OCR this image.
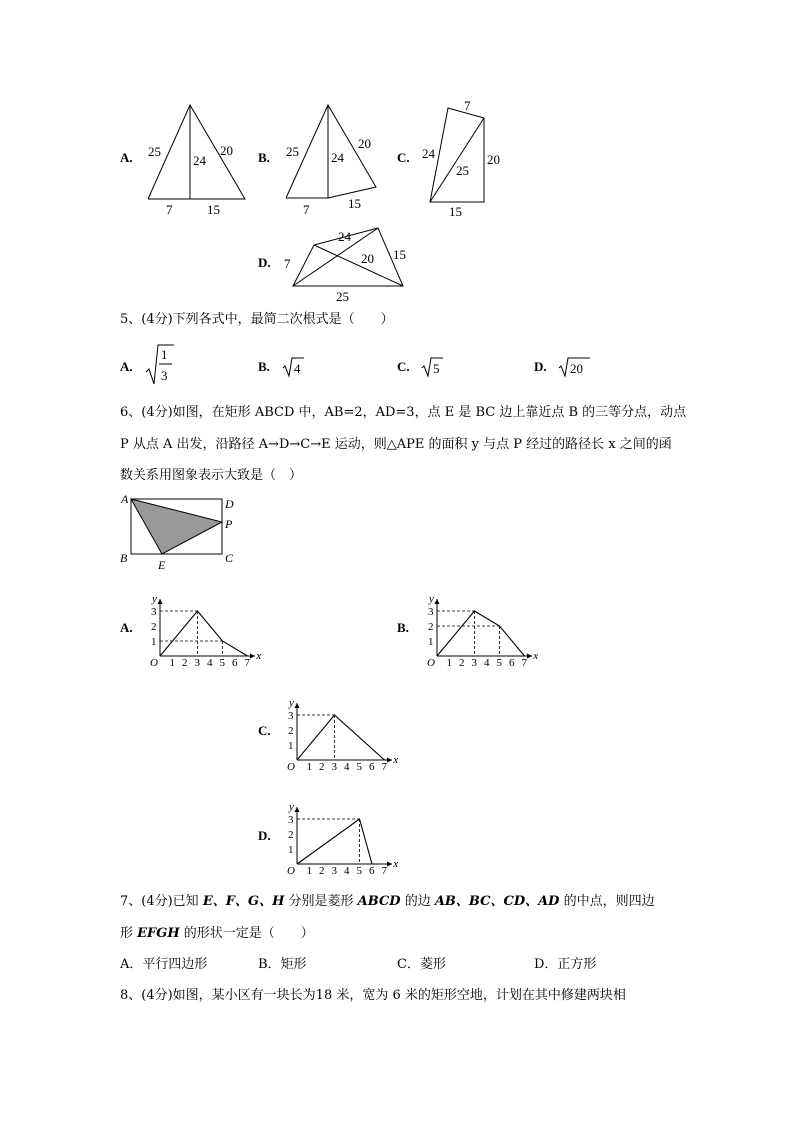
A. 25
24
20
7	15
B. 25 24
20
7	15
C.
7
24
25
20
15
D. 7
24
20 15
25
5、(4分)下列各式中，最简二次根式是（　　）
A.
1
3
B. 4	C. 5	D. 20
6、(4分)如图，在矩形 ABCD 中，AB=2，AD=3，点 E 是 BC 边上靠近点 B 的三等分点，动点
P 从点 A 出发，沿路径 A→D→C→E 运动，则△APE 的面积 y 与点 P 经过的路径长 x 之间的函
数关系用图象表示大致是（　）
A	D
P
B	C
E
A.
x
y
O 1 2 3 4 5 6 7
1
2
3
B.
x
y
O 1 2 3 4 5 6 7
1
2
3
C.
x
y
O 1 2 3 4 5 6 7
1
2
3
D.
x
y
O 1 2 3 4 5 6 7
1
2
3
7、(4分)已知 E、F、G、H 分别是菱形 ABCD 的边 AB、BC、CD、AD 的中点，则四边
形 EFGH 的形状一定是（　　）
A．平行四边形	B．矩形	C．菱形	D．正方形
8、(4分)如图，某小区有一块长为18 米，宽为 6 米的矩形空地，计划在其中修建两块相
